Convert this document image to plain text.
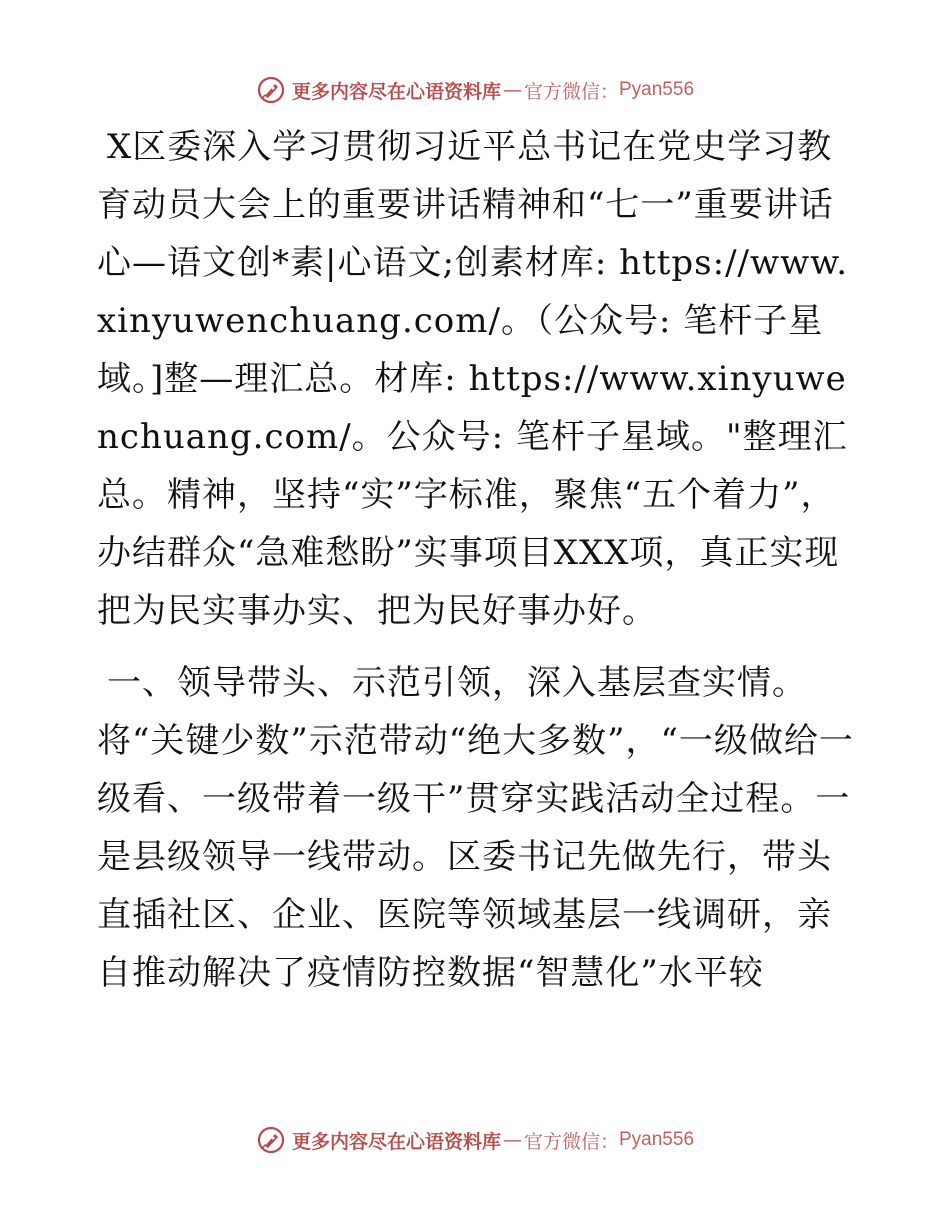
更多内容尽在心语资料库 — 官方微信： Pyan556

X区委深入学习贯彻习近平总书记在党史学习教育动员大会上的重要讲话精神和“七一”重要讲话心—语文创*素|心语文;创素材库: https://www.xinyuwenchuang.com/。（公众号: 笔杆子星域。]整—理汇总。材库: https://www.xinyuwenchuang.com/。公众号: 笔杆子星域。"整理汇总。精神，坚持“实”字标准，聚焦“五个着力”，办结群众“急难愁盼”实事项目XXX项，真正实现把为民实事办实、把为民好事办好。

一、领导带头、示范引领，深入基层查实情。
将“关键少数”示范带动“绝大多数”，“一级做给一级看、一级带着一级干”贯穿实践活动全过程。一是县级领导一线带动。区委书记先做先行，带头直插社区、企业、医院等领域基层一线调研，亲自推动解决了疫情防控数据“智慧化”水平较

更多内容尽在心语资料库 — 官方微信： Pyan556
